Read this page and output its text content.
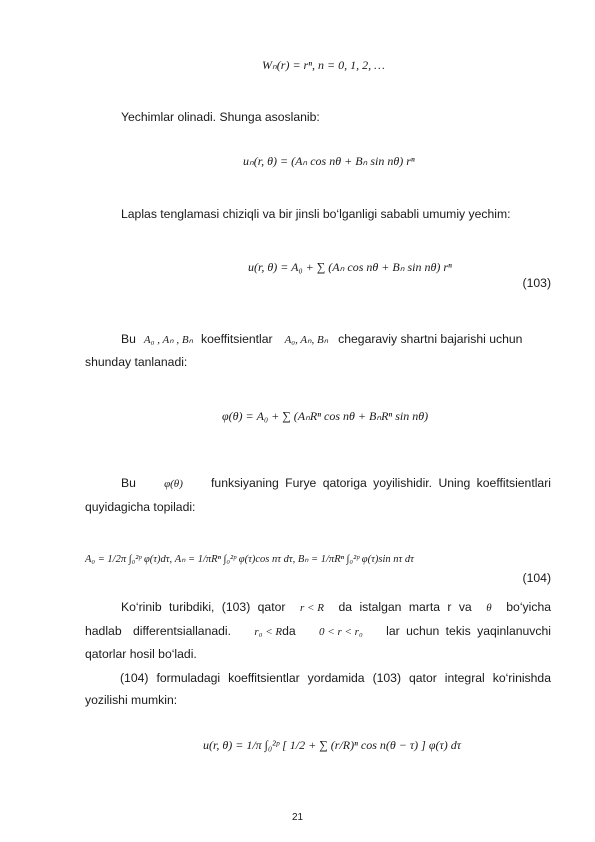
Wₙ(r) = rⁿ, n = 0, 1, 2, …

Yechimlar olinadi. Shunga asoslanib:

uₙ(r, θ) = (Aₙ cos nθ + Bₙ sin nθ) rⁿ

Laplas tenglamasi chiziqli va bir jinsli bo‘lganligi sababli umumiy yechim:

u(r, θ) = A₀ + ∑ (Aₙ cos nθ + Bₙ sin nθ) rⁿ
(103)
Bu A₀ , Aₙ , Bₙ koeffitsientlar A₀, Aₙ, Bₙ chegaraviy shartni bajarishi uchun

shunday tanlanadi:

φ(θ) = A₀ + ∑ (AₙRⁿ cos nθ + BₙRⁿ sin nθ)
Bu	φ(θ) funksiyaning Furye qatoriga yoyilishidir. Uning koeffitsientlari

quyidagicha topiladi:

A₀ = 1/2π ∫₀²ᵖ φ(τ)dτ, Aₙ = 1/πRⁿ ∫₀²ᵖ φ(τ)cos nτ dτ, Bₙ = 1/πRⁿ ∫₀²ᵖ φ(τ)sin nτ dτ
(104)
Ko‘rinib turibdiki, (103) qator r < R da istalgan marta r va θ bo‘yicha
hadlab differentsiallanadi. r₀ < R da 0 < r < r₀ lar uchun tekis yaqinlanuvchi

qatorlar hosil bo‘ladi.

(104) formuladagi koeffitsientlar yordamida (103) qator integral ko‘rinishda yozilishi mumkin:

u(r, θ) = 1/π ∫₀²ᵖ [ 1/2 + ∑ (r/R)ⁿ cos n(θ − τ) ] φ(τ) dτ
21
